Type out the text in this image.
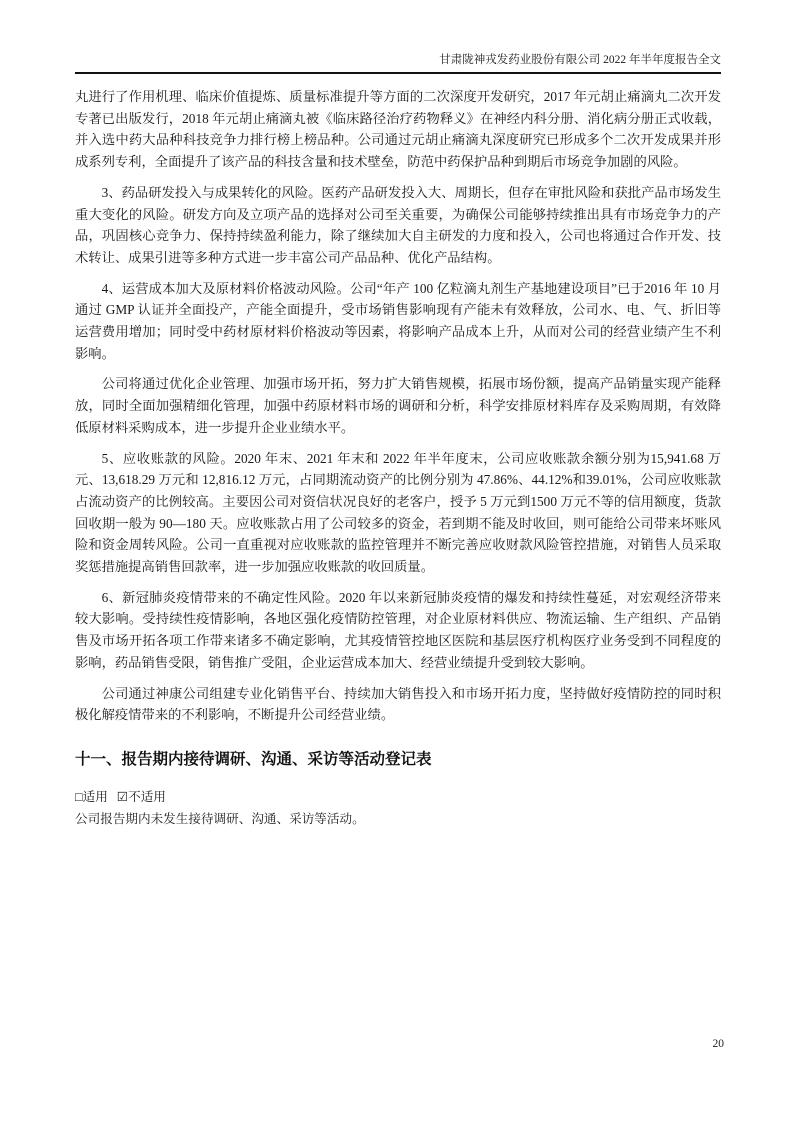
甘肃陇神戎发药业股份有限公司 2022 年半年度报告全文

丸进行了作用机理、临床价值提炼、质量标准提升等方面的二次深度开发研究，2017 年元胡止痛滴丸二次开发专著已出版发行，2018 年元胡止痛滴丸被《临床路径治疗药物释义》在神经内科分册、消化病分册正式收载，并入选中药大品种科技竞争力排行榜上榜品种。公司通过元胡止痛滴丸深度研究已形成多个二次开发成果并形成系列专利，全面提升了该产品的科技含量和技术壁垒，防范中药保护品种到期后市场竞争加剧的风险。

3、药品研发投入与成果转化的风险。医药产品研发投入大、周期长，但存在审批风险和获批产品市场发生重大变化的风险。研发方向及立项产品的选择对公司至关重要，为确保公司能够持续推出具有市场竞争力的产品，巩固核心竞争力、保持持续盈利能力，除了继续加大自主研发的力度和投入，公司也将通过合作开发、技术转让、成果引进等多种方式进一步丰富公司产品品种、优化产品结构。

4、运营成本加大及原材料价格波动风险。公司“年产 100 亿粒滴丸剂生产基地建设项目”已于2016 年 10 月通过 GMP 认证并全面投产，产能全面提升，受市场销售影响现有产能未有效释放，公司水、电、气、折旧等运营费用增加；同时受中药材原材料价格波动等因素，将影响产品成本上升，从而对公司的经营业绩产生不利影响。

公司将通过优化企业管理、加强市场开拓，努力扩大销售规模，拓展市场份额，提高产品销量实现产能释放，同时全面加强精细化管理，加强中药原材料市场的调研和分析，科学安排原材料库存及采购周期，有效降低原材料采购成本，进一步提升企业业绩水平。

5、应收账款的风险。2020 年末、2021 年末和 2022 年半年度末，公司应收账款余额分别为15,941.68 万元、13,618.29 万元和 12,816.12 万元，占同期流动资产的比例分别为 47.86%、44.12%和39.01%，公司应收账款占流动资产的比例较高。主要因公司对资信状况良好的老客户，授予 5 万元到1500 万元不等的信用额度，货款回收期一般为 90—180 天。应收账款占用了公司较多的资金，若到期不能及时收回，则可能给公司带来坏账风险和资金周转风险。公司一直重视对应收账款的监控管理并不断完善应收财款风险管控措施，对销售人员采取奖惩措施提高销售回款率，进一步加强应收账款的收回质量。

6、新冠肺炎疫情带来的不确定性风险。2020 年以来新冠肺炎疫情的爆发和持续性蔓延，对宏观经济带来较大影响。受持续性疫情影响，各地区强化疫情防控管理，对企业原材料供应、物流运输、生产组织、产品销售及市场开拓各项工作带来诸多不确定影响，尤其疫情管控地区医院和基层医疗机构医疗业务受到不同程度的影响，药品销售受限，销售推广受阻，企业运营成本加大、经营业绩提升受到较大影响。

公司通过神康公司组建专业化销售平台、持续加大销售投入和市场开拓力度，坚持做好疫情防控的同时积极化解疫情带来的不利影响，不断提升公司经营业绩。

十一、报告期内接待调研、沟通、采访等活动登记表
□适用 ☑不适用

公司报告期内未发生接待调研、沟通、采访等活动。

20
